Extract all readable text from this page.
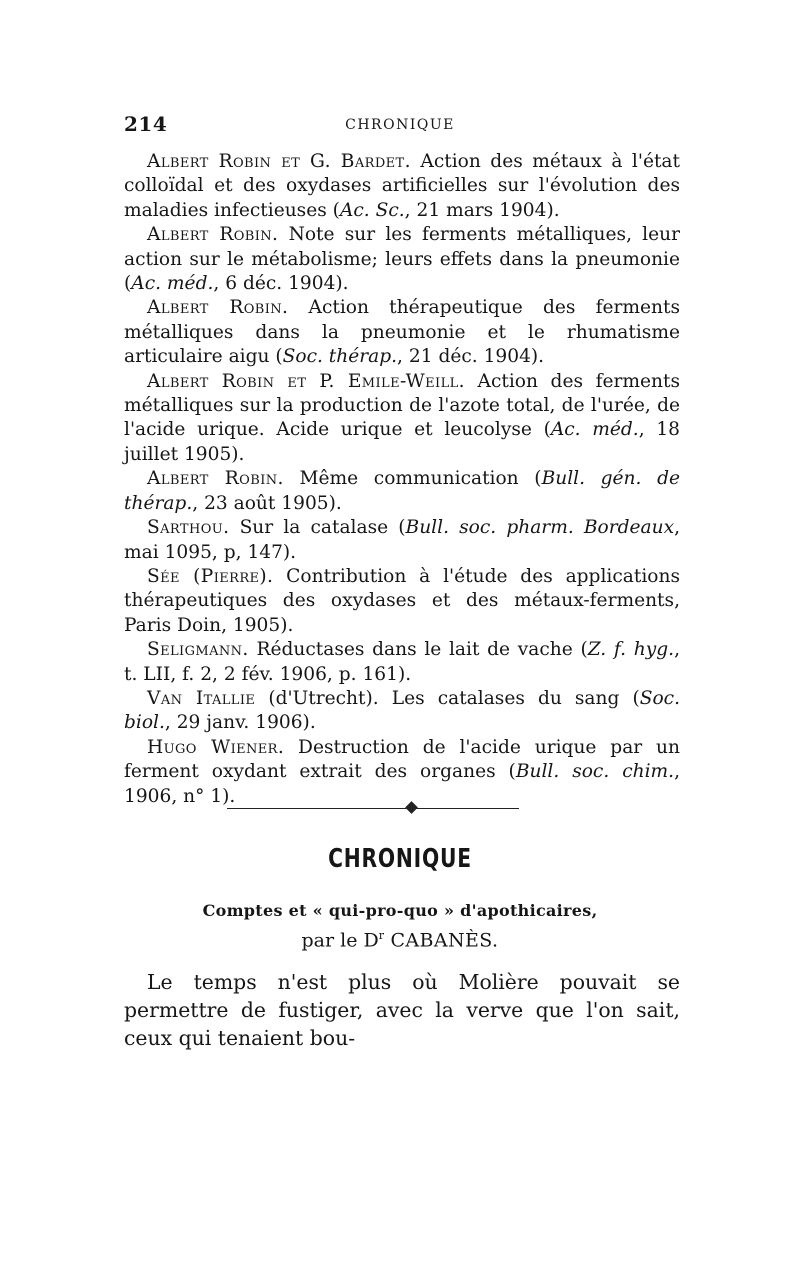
214	CHRONIQUE

Albert Robin et G. Bardet. Action des métaux à l'état colloïdal et des oxydases artificielles sur l'évolution des maladies infectieuses (Ac. Sc., 21 mars 1904).

Albert Robin. Note sur les ferments métalliques, leur action sur le métabolisme; leurs effets dans la pneumonie (Ac. méd., 6 déc. 1904).

Albert Robin. Action thérapeutique des ferments métalliques dans la pneumonie et le rhumatisme articulaire aigu (Soc. thérap., 21 déc. 1904).

Albert Robin et P. Emile-Weill. Action des ferments métalliques sur la production de l'azote total, de l'urée, de l'acide urique. Acide urique et leucolyse (Ac. méd., 18 juillet 1905).

Albert Robin. Même communication (Bull. gén. de thérap., 23 août 1905).

Sarthou. Sur la catalase (Bull. soc. pharm. Bordeaux, mai 1095, p, 147).

Sée (Pierre). Contribution à l'étude des applications thérapeutiques des oxydases et des métaux-ferments, Paris Doin, 1905).

Seligmann. Réductases dans le lait de vache (Z. f. hyg., t. LII, f. 2, 2 fév. 1906, p. 161).

Van Itallie (d'Utrecht). Les catalases du sang (Soc. biol., 29 janv. 1906).

Hugo Wiener. Destruction de l'acide urique par un ferment oxydant extrait des organes (Bull. soc. chim., 1906, n° 1).

CHRONIQUE
Comptes et « qui-pro-quo » d'apothicaires,
par le $D^r$ CABANÈS.
Le temps n'est plus où Molière pouvait se permettre de fustiger, avec la verve que l'on sait, ceux qui tenaient bou-
